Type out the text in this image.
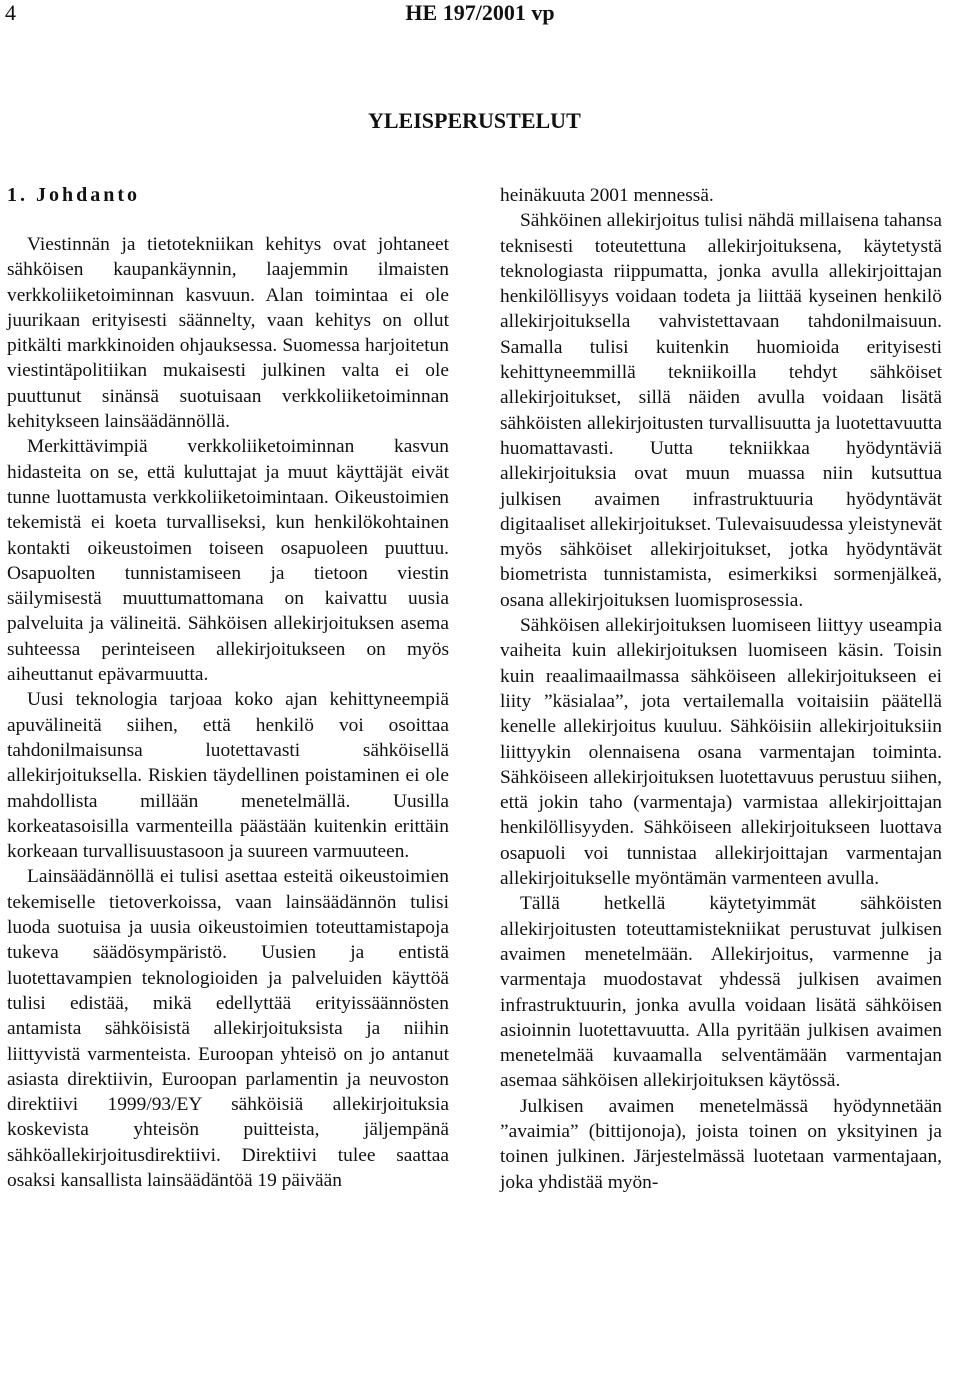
4	HE 197/2001 vp
YLEISPERUSTELUT
1. Johdanto

Viestinnän ja tietotekniikan kehitys ovat johtaneet sähköisen kaupankäynnin, laajemmin ilmaisten verkkoliiketoiminnan kasvuun. Alan toimintaa ei ole juurikaan erityisesti säännelty, vaan kehitys on ollut pitkälti markkinoiden ohjauksessa. Suomessa harjoitetun viestintäpolitiikan mukaisesti julkinen valta ei ole puuttunut sinänsä suotuisaan verkkoliiketoiminnan kehitykseen lainsäädännöllä.

Merkittävimpiä verkkoliiketoiminnan kasvun hidasteita on se, että kuluttajat ja muut käyttäjät eivät tunne luottamusta verkkoliiketoimintaan. Oikeustoimien tekemistä ei koeta turvalliseksi, kun henkilökohtainen kontakti oikeustoimen toiseen osapuoleen puuttuu. Osapuolten tunnistamiseen ja tietoon viestin säilymisestä muuttumattomana on kaivattu uusia palveluita ja välineitä. Sähköisen allekirjoituksen asema suhteessa perinteiseen allekirjoitukseen on myös aiheuttanut epävarmuutta.

Uusi teknologia tarjoaa koko ajan kehittyneempiä apuvälineitä siihen, että henkilö voi osoittaa tahdonilmaisunsa luotettavasti sähköisellä allekirjoituksella. Riskien täydellinen poistaminen ei ole mahdollista millään menetelmällä. Uusilla korkeatasoisilla varmenteilla päästään kuitenkin erittäin korkeaan turvallisuustasoon ja suureen varmuuteen.

Lainsäädännöllä ei tulisi asettaa esteitä oikeustoimien tekemiselle tietoverkoissa, vaan lainsäädännön tulisi luoda suotuisa ja uusia oikeustoimien toteuttamistapoja tukeva säädösympäristö. Uusien ja entistä luotettavampien teknologioiden ja palveluiden käyttöä tulisi edistää, mikä edellyttää erityissäännösten antamista sähköisistä allekirjoituksista ja niihin liittyvistä varmenteista. Euroopan yhteisö on jo antanut asiasta direktiivin, Euroopan parlamentin ja neuvoston direktiivi 1999/93/EY sähköisiä allekirjoituksia koskevista yhteisön puitteista, jäljempänä sähköallekirjoitusdirektiivi. Direktiivi tulee saattaa osaksi kansallista lainsäädäntöä 19 päivään

heinäkuuta 2001 mennessä.

Sähköinen allekirjoitus tulisi nähdä millaisena tahansa teknisesti toteutettuna allekirjoituksena, käytetystä teknologiasta riippumatta, jonka avulla allekirjoittajan henkilöllisyys voidaan todeta ja liittää kyseinen henkilö allekirjoituksella vahvistettavaan tahdonilmaisuun. Samalla tulisi kuitenkin huomioida erityisesti kehittyneemmillä tekniikoilla tehdyt sähköiset allekirjoitukset, sillä näiden avulla voidaan lisätä sähköisten allekirjoitusten turvallisuutta ja luotettavuutta huomattavasti. Uutta tekniikkaa hyödyntäviä allekirjoituksia ovat muun muassa niin kutsuttua julkisen avaimen infrastruktuuria hyödyntävät digitaaliset allekirjoitukset. Tulevaisuudessa yleistynevät myös sähköiset allekirjoitukset, jotka hyödyntävät biometrista tunnistamista, esimerkiksi sormenjälkeä, osana allekirjoituksen luomisprosessia.

Sähköisen allekirjoituksen luomiseen liittyy useampia vaiheita kuin allekirjoituksen luomiseen käsin. Toisin kuin reaalimaailmassa sähköiseen allekirjoitukseen ei liity ”käsialaa”, jota vertailemalla voitaisiin päätellä kenelle allekirjoitus kuuluu. Sähköisiin allekirjoituksiin liittyykin olennaisena osana varmentajan toiminta. Sähköiseen allekirjoituksen luotettavuus perustuu siihen, että jokin taho (varmentaja) varmistaa allekirjoittajan henkilöllisyyden. Sähköiseen allekirjoitukseen luottava osapuoli voi tunnistaa allekirjoittajan varmentajan allekirjoitukselle myöntämän varmenteen avulla.

Tällä hetkellä käytetyimmät sähköisten allekirjoitusten toteuttamistekniikat perustuvat julkisen avaimen menetelmään. Allekirjoitus, varmenne ja varmentaja muodostavat yhdessä julkisen avaimen infrastruktuurin, jonka avulla voidaan lisätä sähköisen asioinnin luotettavuutta. Alla pyritään julkisen avaimen menetelmää kuvaamalla selventämään varmentajan asemaa sähköisen allekirjoituksen käytössä.

Julkisen avaimen menetelmässä hyödynnetään ”avaimia” (bittijonoja), joista toinen on yksityinen ja toinen julkinen. Järjestelmässä luotetaan varmentajaan, joka yhdistää myön-
